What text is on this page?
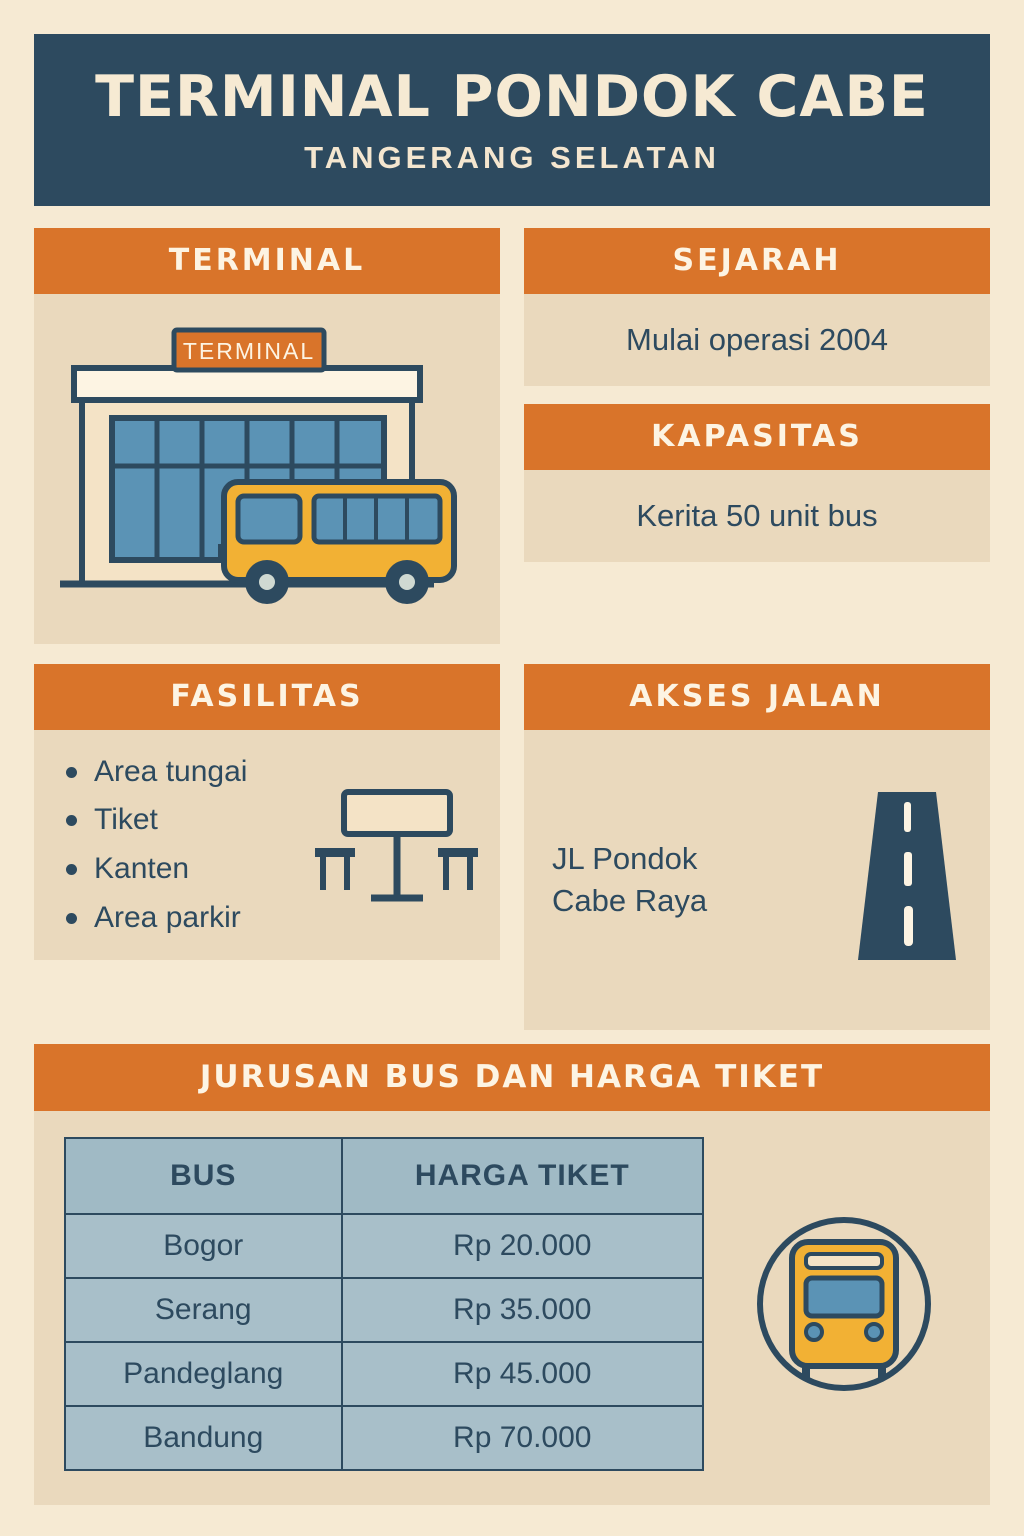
TERMINAL PONDOK CABE
TANGERANG SELATAN
TERMINAL
TERMINAL
SEJARAH
Mulai operasi 2004
KAPASITAS
Kerita 50 unit bus
FASILITAS
Area tungai
Tiket
Kanten
Area parkir
AKSES JALAN
JL Pondok
Cabe Raya
JURUSAN BUS DAN HARGA TIKET
BUS	HARGA TIKET
Bogor	Rp 20.000
Serang	Rp 35.000
Pandeglang	Rp 45.000
Bandung	Rp 70.000
